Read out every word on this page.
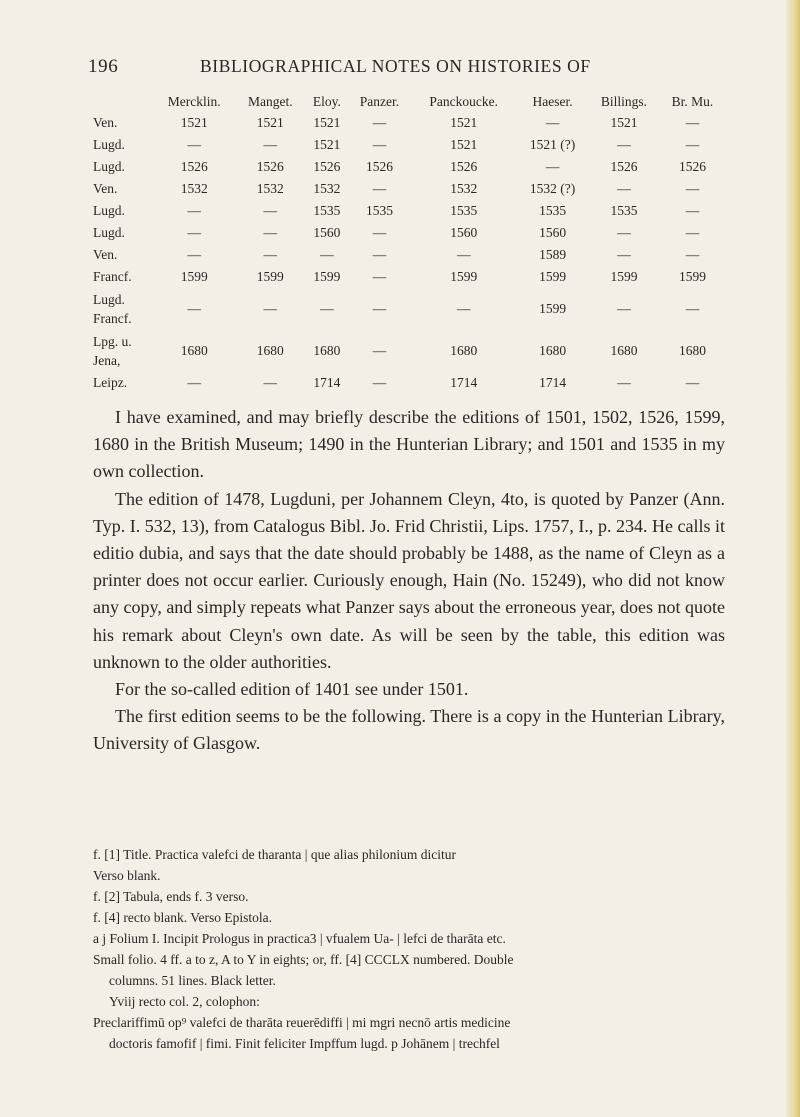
196	BIBLIOGRAPHICAL NOTES ON HISTORIES OF
	Mercklin.	Manget.	Eloy.	Panzer.	Panckoucke.	Haeser.	Billings.	Br. Mu.
Ven.	1521	1521	1521	—	1521	—	1521	—
Lugd.	—	—	1521	—	1521	1521 (?)	—	—
Lugd.	1526	1526	1526	1526	1526	—	1526	1526
Ven.	1532	1532	1532	—	1532	1532 (?)	—	—
Lugd.	—	—	1535	1535	1535	1535	1535	—
Lugd.	—	—	1560	—	1560	1560	—	—
Ven.	—	—	—	—	—	1589	—	—
Francf.	1599	1599	1599	—	1599	1599	1599	1599
Lugd. Francf.	—	—	—	—	—	1599	—	—
Lpg. u. Jena,	1680	1680	1680	—	1680	1680	1680	1680
Leipz.	—	—	1714	—	1714	1714	—	—

I have examined, and may briefly describe the editions of 1501, 1502, 1526, 1599, 1680 in the British Museum; 1490 in the Hunterian Library; and 1501 and 1535 in my own collection.

The edition of 1478, Lugduni, per Johannem Cleyn, 4to, is quoted by Panzer (Ann. Typ. I. 532, 13), from Catalogus Bibl. Jo. Frid Christii, Lips. 1757, I., p. 234. He calls it editio dubia, and says that the date should probably be 1488, as the name of Cleyn as a printer does not occur earlier. Curiously enough, Hain (No. 15249), who did not know any copy, and simply repeats what Panzer says about the erroneous year, does not quote his remark about Cleyn's own date. As will be seen by the table, this edition was unknown to the older authorities.

For the so-called edition of 1401 see under 1501.

The first edition seems to be the following. There is a copy in the Hunterian Library, University of Glasgow.

f. [1] Title. Practica valefci de tharanta | que alias philonium dicitur
Verso blank.
f. [2] Tabula, ends f. 3 verso.
f. [4] recto blank. Verso Epistola.
a j Folium I. Incipit Prologus in practica3 | vfualem Ua- | lefci de tharāta etc.
Small folio. 4 ff. a to z, A to Y in eights; or, ff. [4] CCCLX numbered. Double
columns. 51 lines. Black letter.
Yviij recto col. 2, colophon:
Preclariffimū op⁹ valefci de tharāta reuerēdiffi | mi mgri necnō artis medicine
doctoris famofif | fimi. Finit feliciter Impffum lugd. p Johānem | trechfel
